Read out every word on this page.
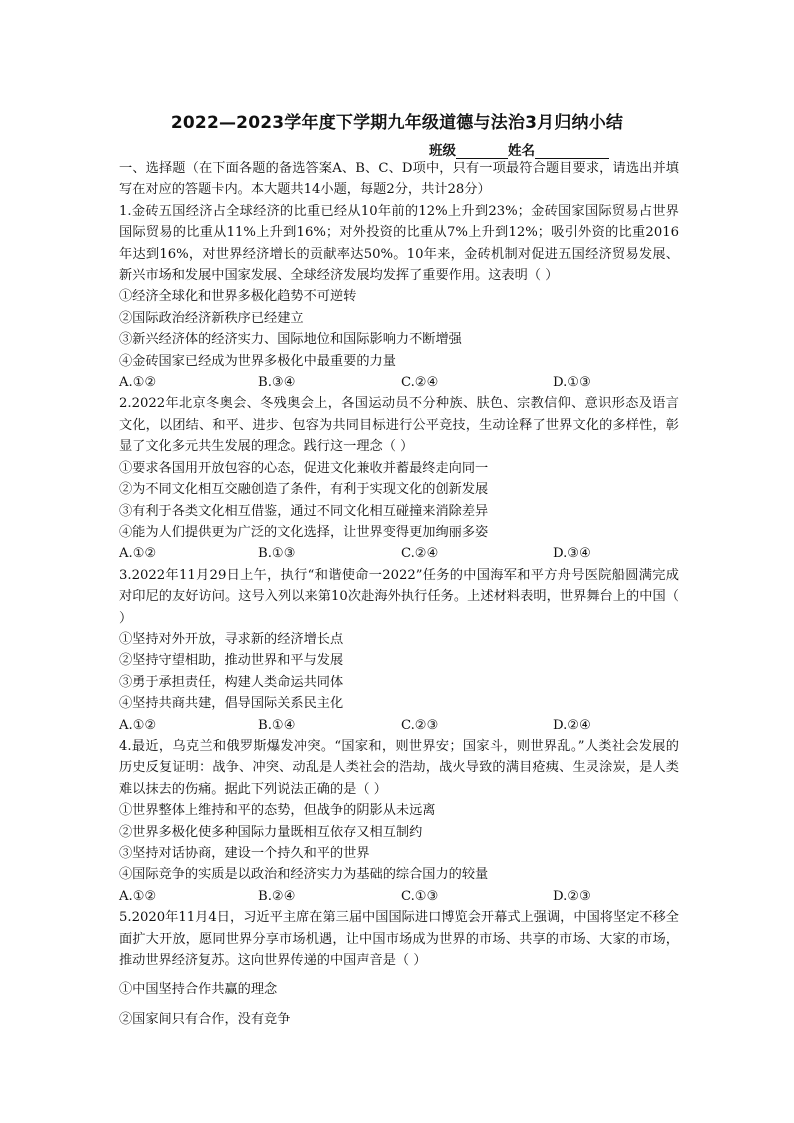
2022—2023学年度下学期九年级道德与法治3月归纳小结
班级	姓名

一、选择题（在下面各题的备选答案A、B、C、D项中，只有一项最符合题目要求，请选出并填写在对应的答题卡内。本大题共14小题，每题2分，共计28分）

1.金砖五国经济占全球经济的比重已经从10年前的12%上升到23%；金砖国家国际贸易占世界国际贸易的比重从11%上升到16%；对外投资的比重从7%上升到12%；吸引外资的比重2016年达到16%，对世界经济增长的贡献率达50%。10年来，金砖机制对促进五国经济贸易发展、新兴市场和发展中国家发展、全球经济发展均发挥了重要作用。这表明（ ）

①经济全球化和世界多极化趋势不可逆转

②国际政治经济新秩序已经建立

③新兴经济体的经济实力、国际地位和国际影响力不断增强

④金砖国家已经成为世界多极化中最重要的力量

A.①②	B.③④	C.②④	D.①③

2.2022年北京冬奥会、冬残奥会上，各国运动员不分种族、肤色、宗教信仰、意识形态及语言文化，以团结、和平、进步、包容为共同目标进行公平竞技，生动诠释了世界文化的多样性，彰显了文化多元共生发展的理念。践行这一理念（ ）

①要求各国用开放包容的心态，促进文化兼收并蓄最终走向同一

②为不同文化相互交融创造了条件，有利于实现文化的创新发展

③有利于各类文化相互借鉴，通过不同文化相互碰撞来消除差异

④能为人们提供更为广泛的文化选择，让世界变得更加绚丽多姿

A.①②	B.①③	C.②④	D.③④

3.2022年11月29日上午，执行“和谐使命一2022”任务的中国海军和平方舟号医院船圆满完成对印尼的友好访问。这号入列以来第10次赴海外执行任务。上述材料表明，世界舞台上的中国（ ）

①坚持对外开放，寻求新的经济增长点

②坚持守望相助，推动世界和平与发展

③勇于承担责任，构建人类命运共同体

④坚持共商共建，倡导国际关系民主化

A.①②	B.①④	C.②③	D.②④

4.最近，乌克兰和俄罗斯爆发冲突。“国家和，则世界安；国家斗，则世界乱。”人类社会发展的历史反复证明：战争、冲突、动乱是人类社会的浩劫，战火导致的满目疮痍、生灵涂炭，是人类难以抹去的伤痛。据此下列说法正确的是（ ）

①世界整体上维持和平的态势，但战争的阴影从未远离

②世界多极化使多种国际力量既相互依存又相互制约

③坚持对话协商，建设一个持久和平的世界

④国际竞争的实质是以政治和经济实力为基础的综合国力的较量

A.①②	B.②④	C.①③	D.②③

5.2020年11月4日，习近平主席在第三届中国国际进口博览会开幕式上强调，中国将坚定不移全面扩大开放，愿同世界分享市场机遇，让中国市场成为世界的市场、共享的市场、大家的市场，推动世界经济复苏。这向世界传递的中国声音是（ ）

①中国坚持合作共赢的理念

②国家间只有合作，没有竞争
